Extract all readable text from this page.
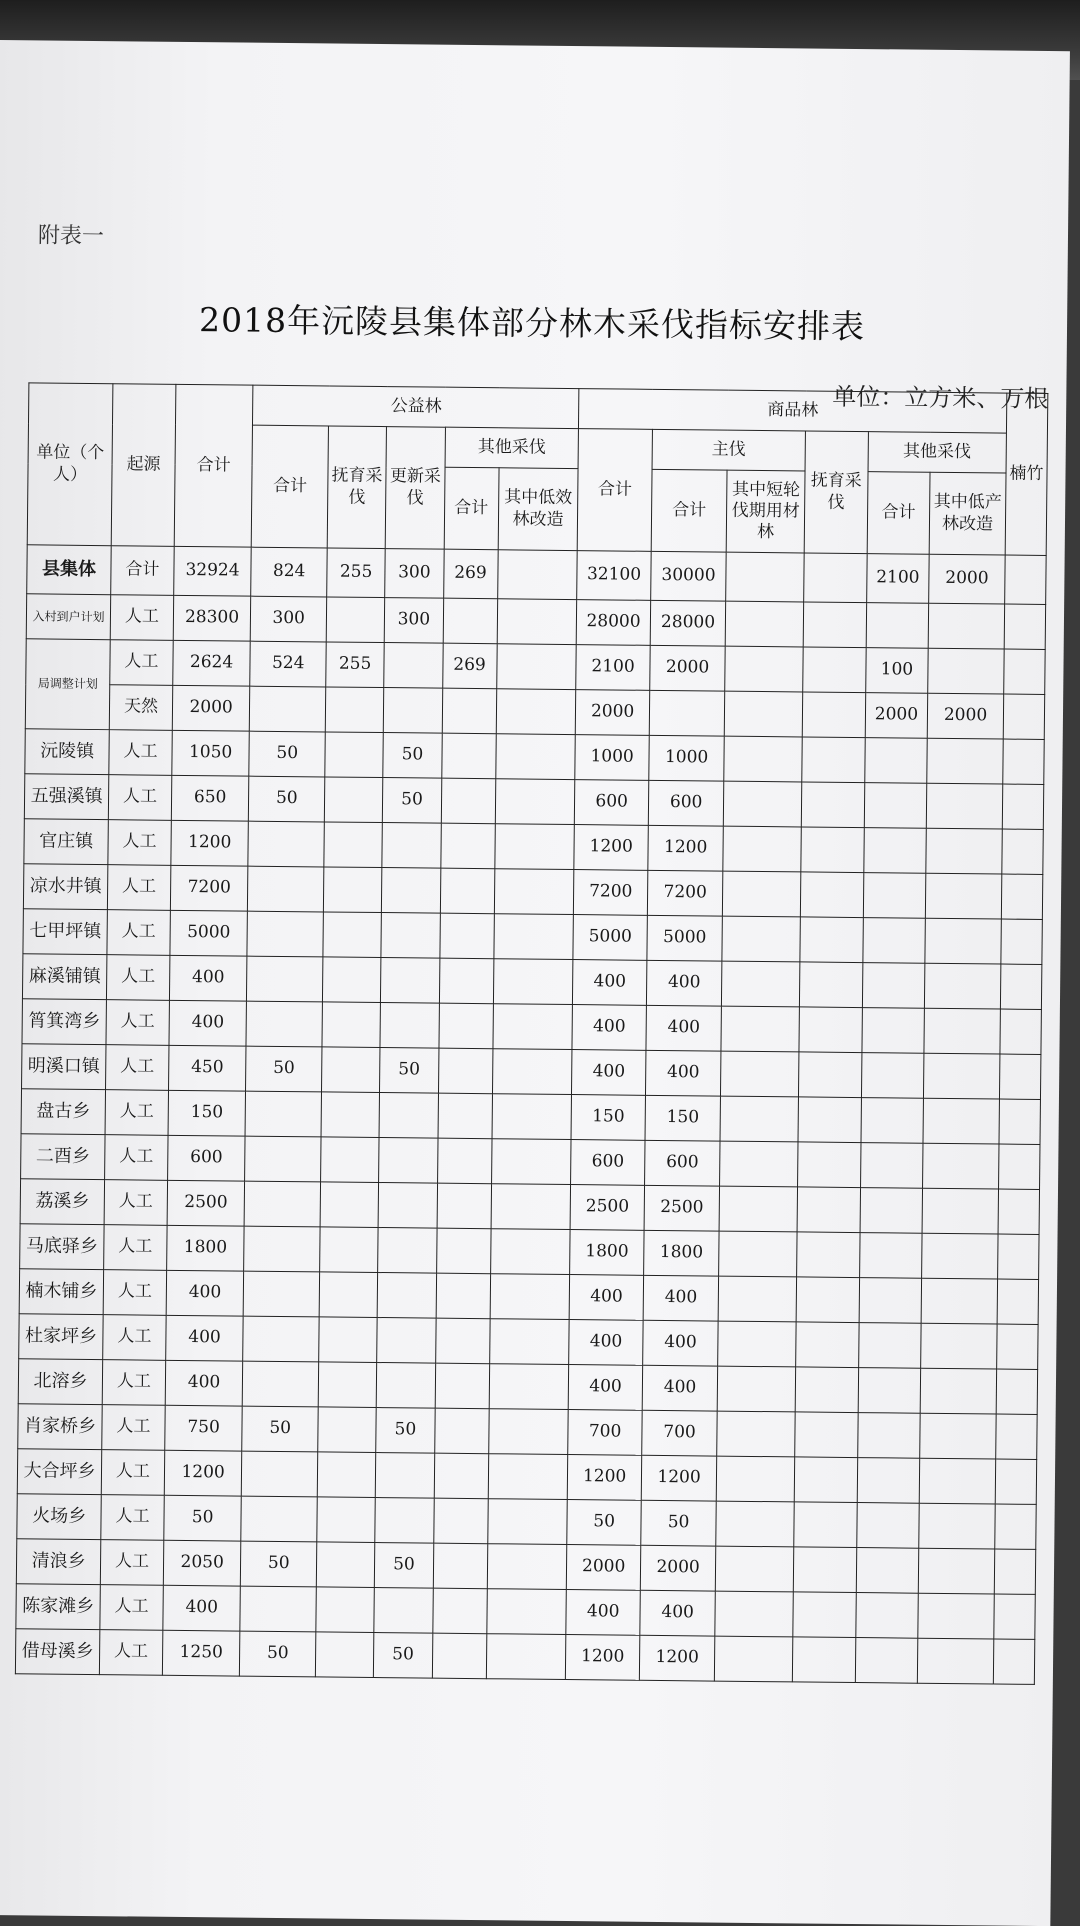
附表一
2018年沅陵县集体部分林木采伐指标安排表
单位：立方米、万根
单位（个人）	起源	合计	公益林					商品林						楠竹
			合计	抚育采伐	更新采伐	其他采伐		合计	主伐		抚育采伐	其他采伐		
						合计	其中低效林改造		合计	其中短轮伐期用材林		合计	其中低产林改造	
县集体	合计	32924	824	255	300	269		32100	30000			2100	2000	
入村到户计划	人工	28300	300		300			28000	28000					
局调整计划	人工	2624	524	255		269		2100	2000			100		
	天然	2000						2000				2000	2000	
沅陵镇	人工	1050	50		50			1000	1000					
五强溪镇	人工	650	50		50			600	600					
官庄镇	人工	1200						1200	1200					
凉水井镇	人工	7200						7200	7200					
七甲坪镇	人工	5000						5000	5000					
麻溪铺镇	人工	400						400	400					
筲箕湾乡	人工	400						400	400					
明溪口镇	人工	450	50		50			400	400					
盘古乡	人工	150						150	150					
二酉乡	人工	600						600	600					
荔溪乡	人工	2500						2500	2500					
马底驿乡	人工	1800						1800	1800					
楠木铺乡	人工	400						400	400					
杜家坪乡	人工	400						400	400					
北溶乡	人工	400						400	400					
肖家桥乡	人工	750	50		50			700	700					
大合坪乡	人工	1200						1200	1200					
火场乡	人工	50						50	50					
清浪乡	人工	2050	50		50			2000	2000					
陈家滩乡	人工	400						400	400					
借母溪乡	人工	1250	50		50			1200	1200					
